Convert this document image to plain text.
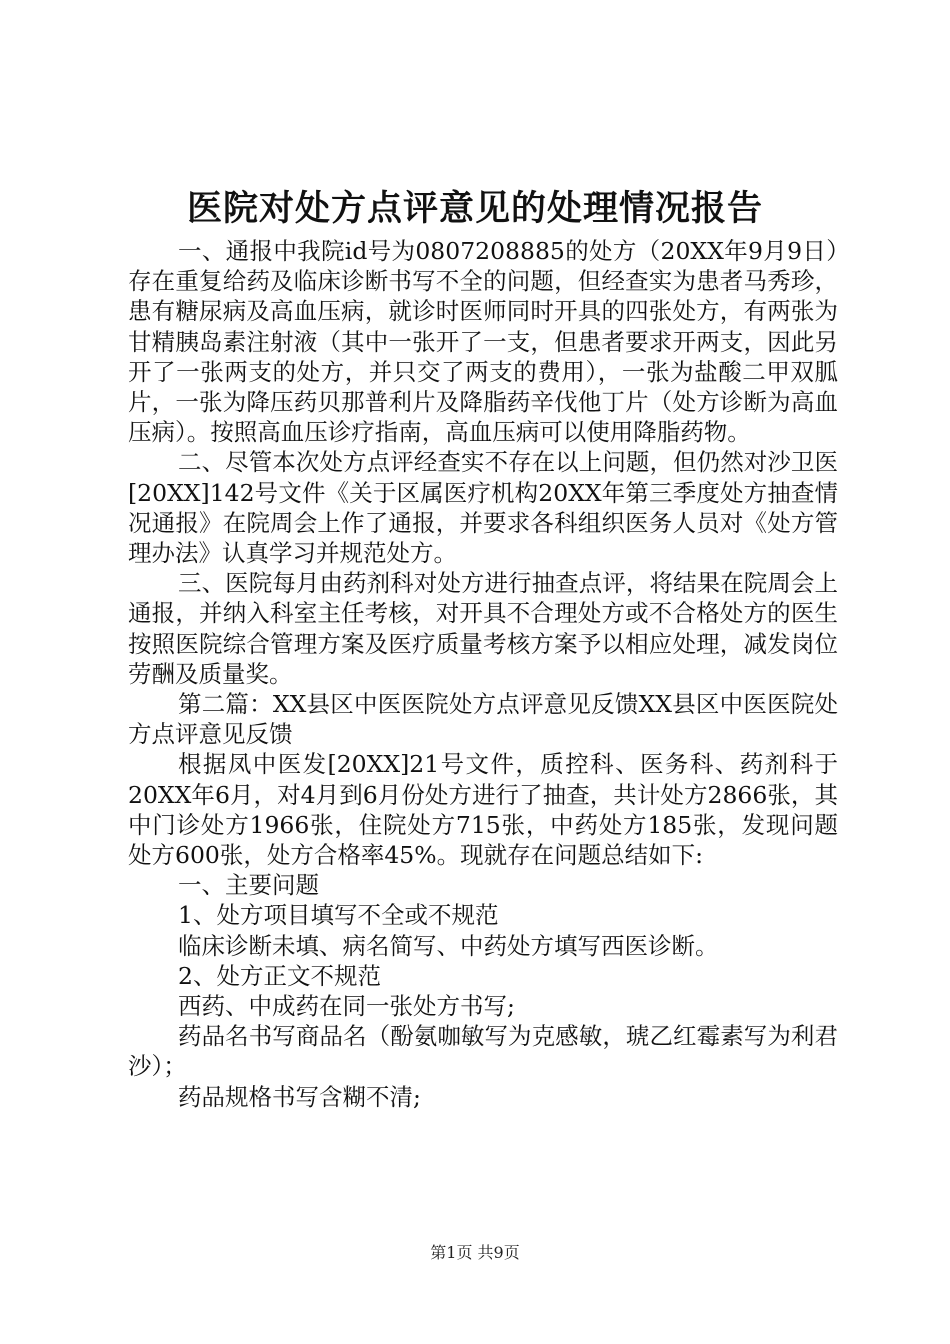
医院对处方点评意见的处理情况报告

一、通报中我院id号为0807208885的处方（20XX年9月9日）存在重复给药及临床诊断书写不全的问题，但经查实为患者马秀珍，患有糖尿病及高血压病，就诊时医师同时开具的四张处方，有两张为甘精胰岛素注射液（其中一张开了一支，但患者要求开两支，因此另开了一张两支的处方，并只交了两支的费用），一张为盐酸二甲双胍片，一张为降压药贝那普利片及降脂药辛伐他丁片（处方诊断为高血压病）。按照高血压诊疗指南，高血压病可以使用降脂药物。

二、尽管本次处方点评经查实不存在以上问题，但仍然对沙卫医[20XX]142号文件《关于区属医疗机构20XX年第三季度处方抽查情况通报》在院周会上作了通报，并要求各科组织医务人员对《处方管理办法》认真学习并规范处方。

三、医院每月由药剂科对处方进行抽查点评，将结果在院周会上通报，并纳入科室主任考核，对开具不合理处方或不合格处方的医生按照医院综合管理方案及医疗质量考核方案予以相应处理，减发岗位劳酬及质量奖。

第二篇：XX县区中医医院处方点评意见反馈XX县区中医医院处方点评意见反馈

根据凤中医发[20XX]21号文件，质控科、医务科、药剂科于20XX年6月，对4月到6月份处方进行了抽查，共计处方2866张，其中门诊处方1966张，住院处方715张，中药处方185张，发现问题处方600张，处方合格率45%。现就存在问题总结如下:

一、主要问题

1、处方项目填写不全或不规范

临床诊断未填、病名简写、中药处方填写西医诊断。

2、处方正文不规范

西药、中成药在同一张处方书写;

药品名书写商品名（酚氨咖敏写为克感敏，琥乙红霉素写为利君沙）；

药品规格书写含糊不清;

第1页 共9页
